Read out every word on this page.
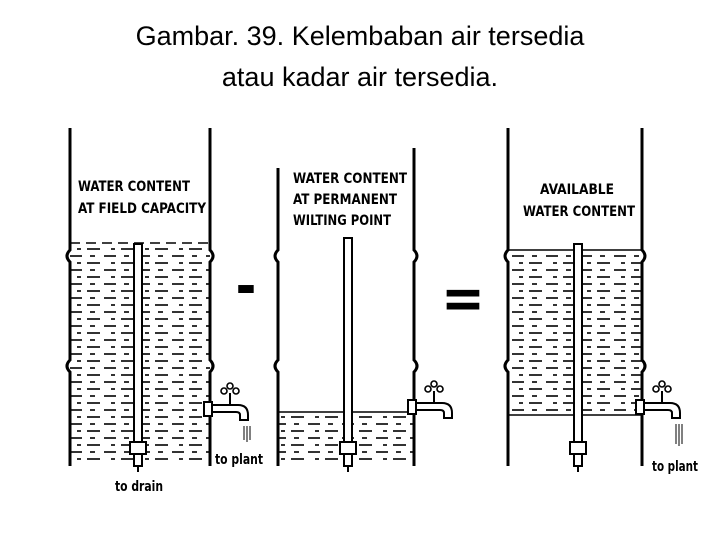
Gambar. 39. Kelembaban air tersedia
atau kadar air tersedia.
WATER CONTENT
AT FIELD CAPACITY
to drain
to plant
-
WATER CONTENT
AT PERMANENT
WILTING POINT
=
AVAILABLE
WATER CONTENT
to plant
